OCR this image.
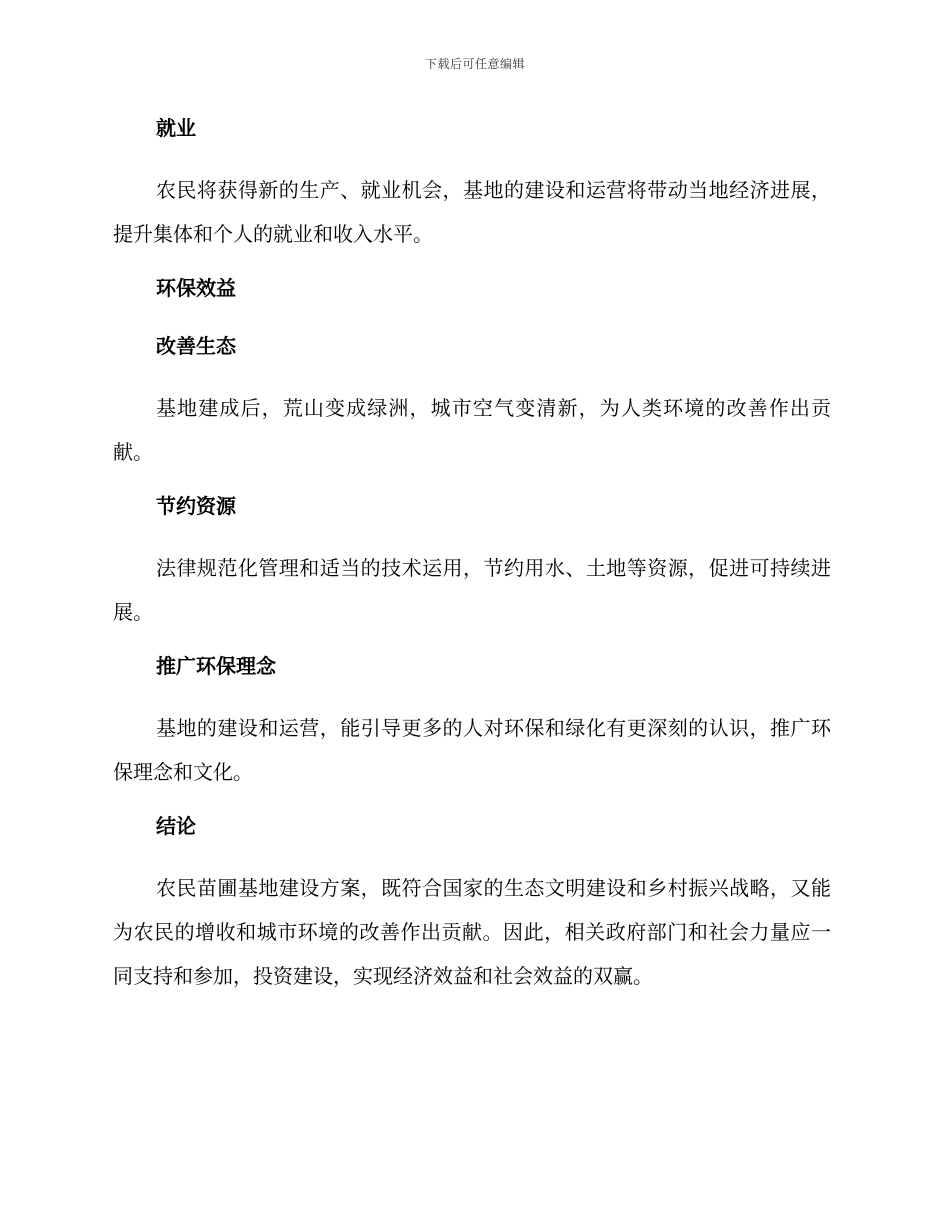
下载后可任意编辑
就业

农民将获得新的生产、就业机会，基地的建设和运营将带动当地经济进展，提升集体和个人的就业和收入水平。

环保效益
改善生态

基地建成后，荒山变成绿洲，城市空气变清新，为人类环境的改善作出贡献。

节约资源

法律规范化管理和适当的技术运用，节约用水、土地等资源，促进可持续进展。

推广环保理念

基地的建设和运营，能引导更多的人对环保和绿化有更深刻的认识，推广环保理念和文化。

结论

农民苗圃基地建设方案，既符合国家的生态文明建设和乡村振兴战略，又能为农民的增收和城市环境的改善作出贡献。因此，相关政府部门和社会力量应一同支持和参加，投资建设，实现经济效益和社会效益的双赢。
